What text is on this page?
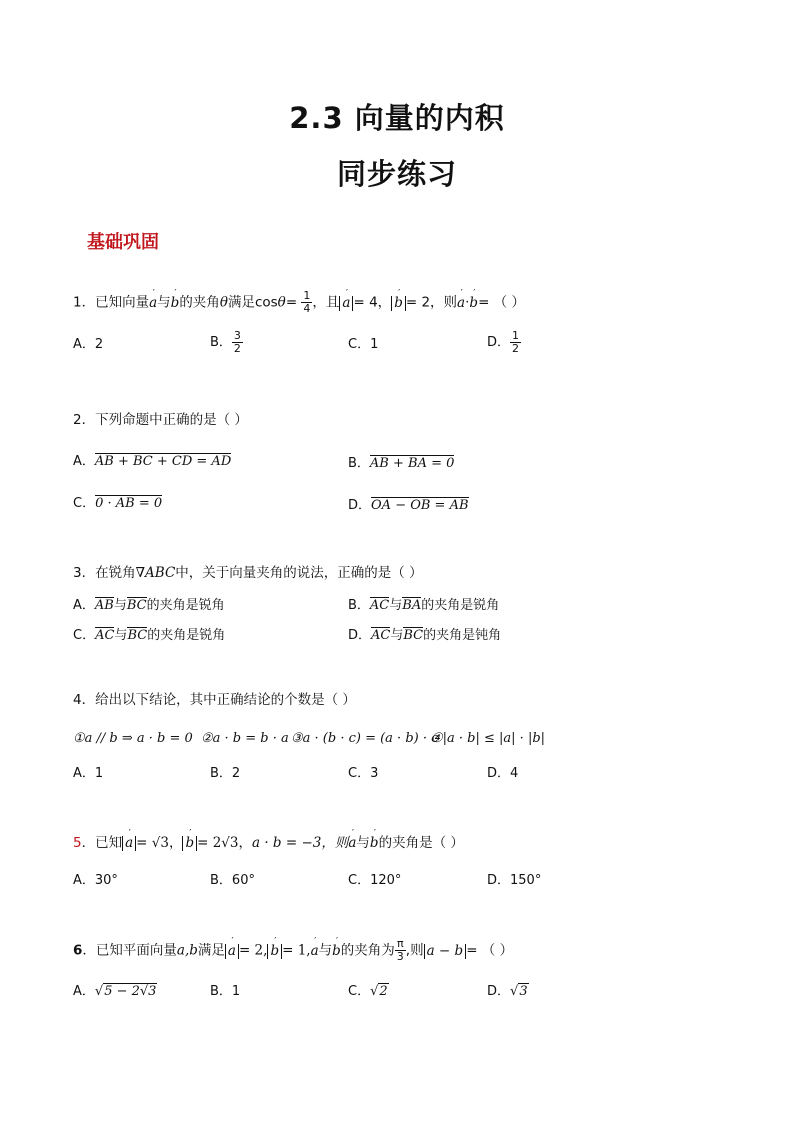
2.3 向量的内积
同步练习
基础巩固
1．已知向量′ a与′ b的夹角θ满足$\cos\theta= \frac{1}{4}$ ，且 ′ a = 4， ′ b = 2，则′ a·′ b= （ ）
A．2	B． $\frac{3}{2}$	C．1	D． $\frac{1}{2}$
2．下列命题中正确的是（ ）
A．AB + BC + CD = AD	B．AB + BA = 0
C．0 · AB = 0	D．OA − OB = AB
3．在锐角∇ABC中，关于向量夹角的说法，正确的是（ ）
A．AB与BC的夹角是锐角	B．AC与BA的夹角是锐角
C．AC与BC的夹角是锐角	D．AC与BC的夹角是钝角
4．给出以下结论，其中正确结论的个数是（ ）
①a // b ⇒ a · b = 0 ②a · b = b · a ③a · (b · c) = (a · b) · c
④|a · b| ≤ |a| · |b|
A．1	B．2	C．3	D．4
5．已知 ′ a = √3， ′ b = 2√3，a · b = −3，则′ a与′ b的夹角是（ ）
A．30°	B．60°	C．120°	D．150°
6．已知平面向量a,b满足 ′ a = 2, ′ b = 1,′ a与′ b的夹角为 $\frac{\pi}{3}$ ,则 a − b = （ ）
A．√5 − 2√3	B．1	C．√2	D．√3
